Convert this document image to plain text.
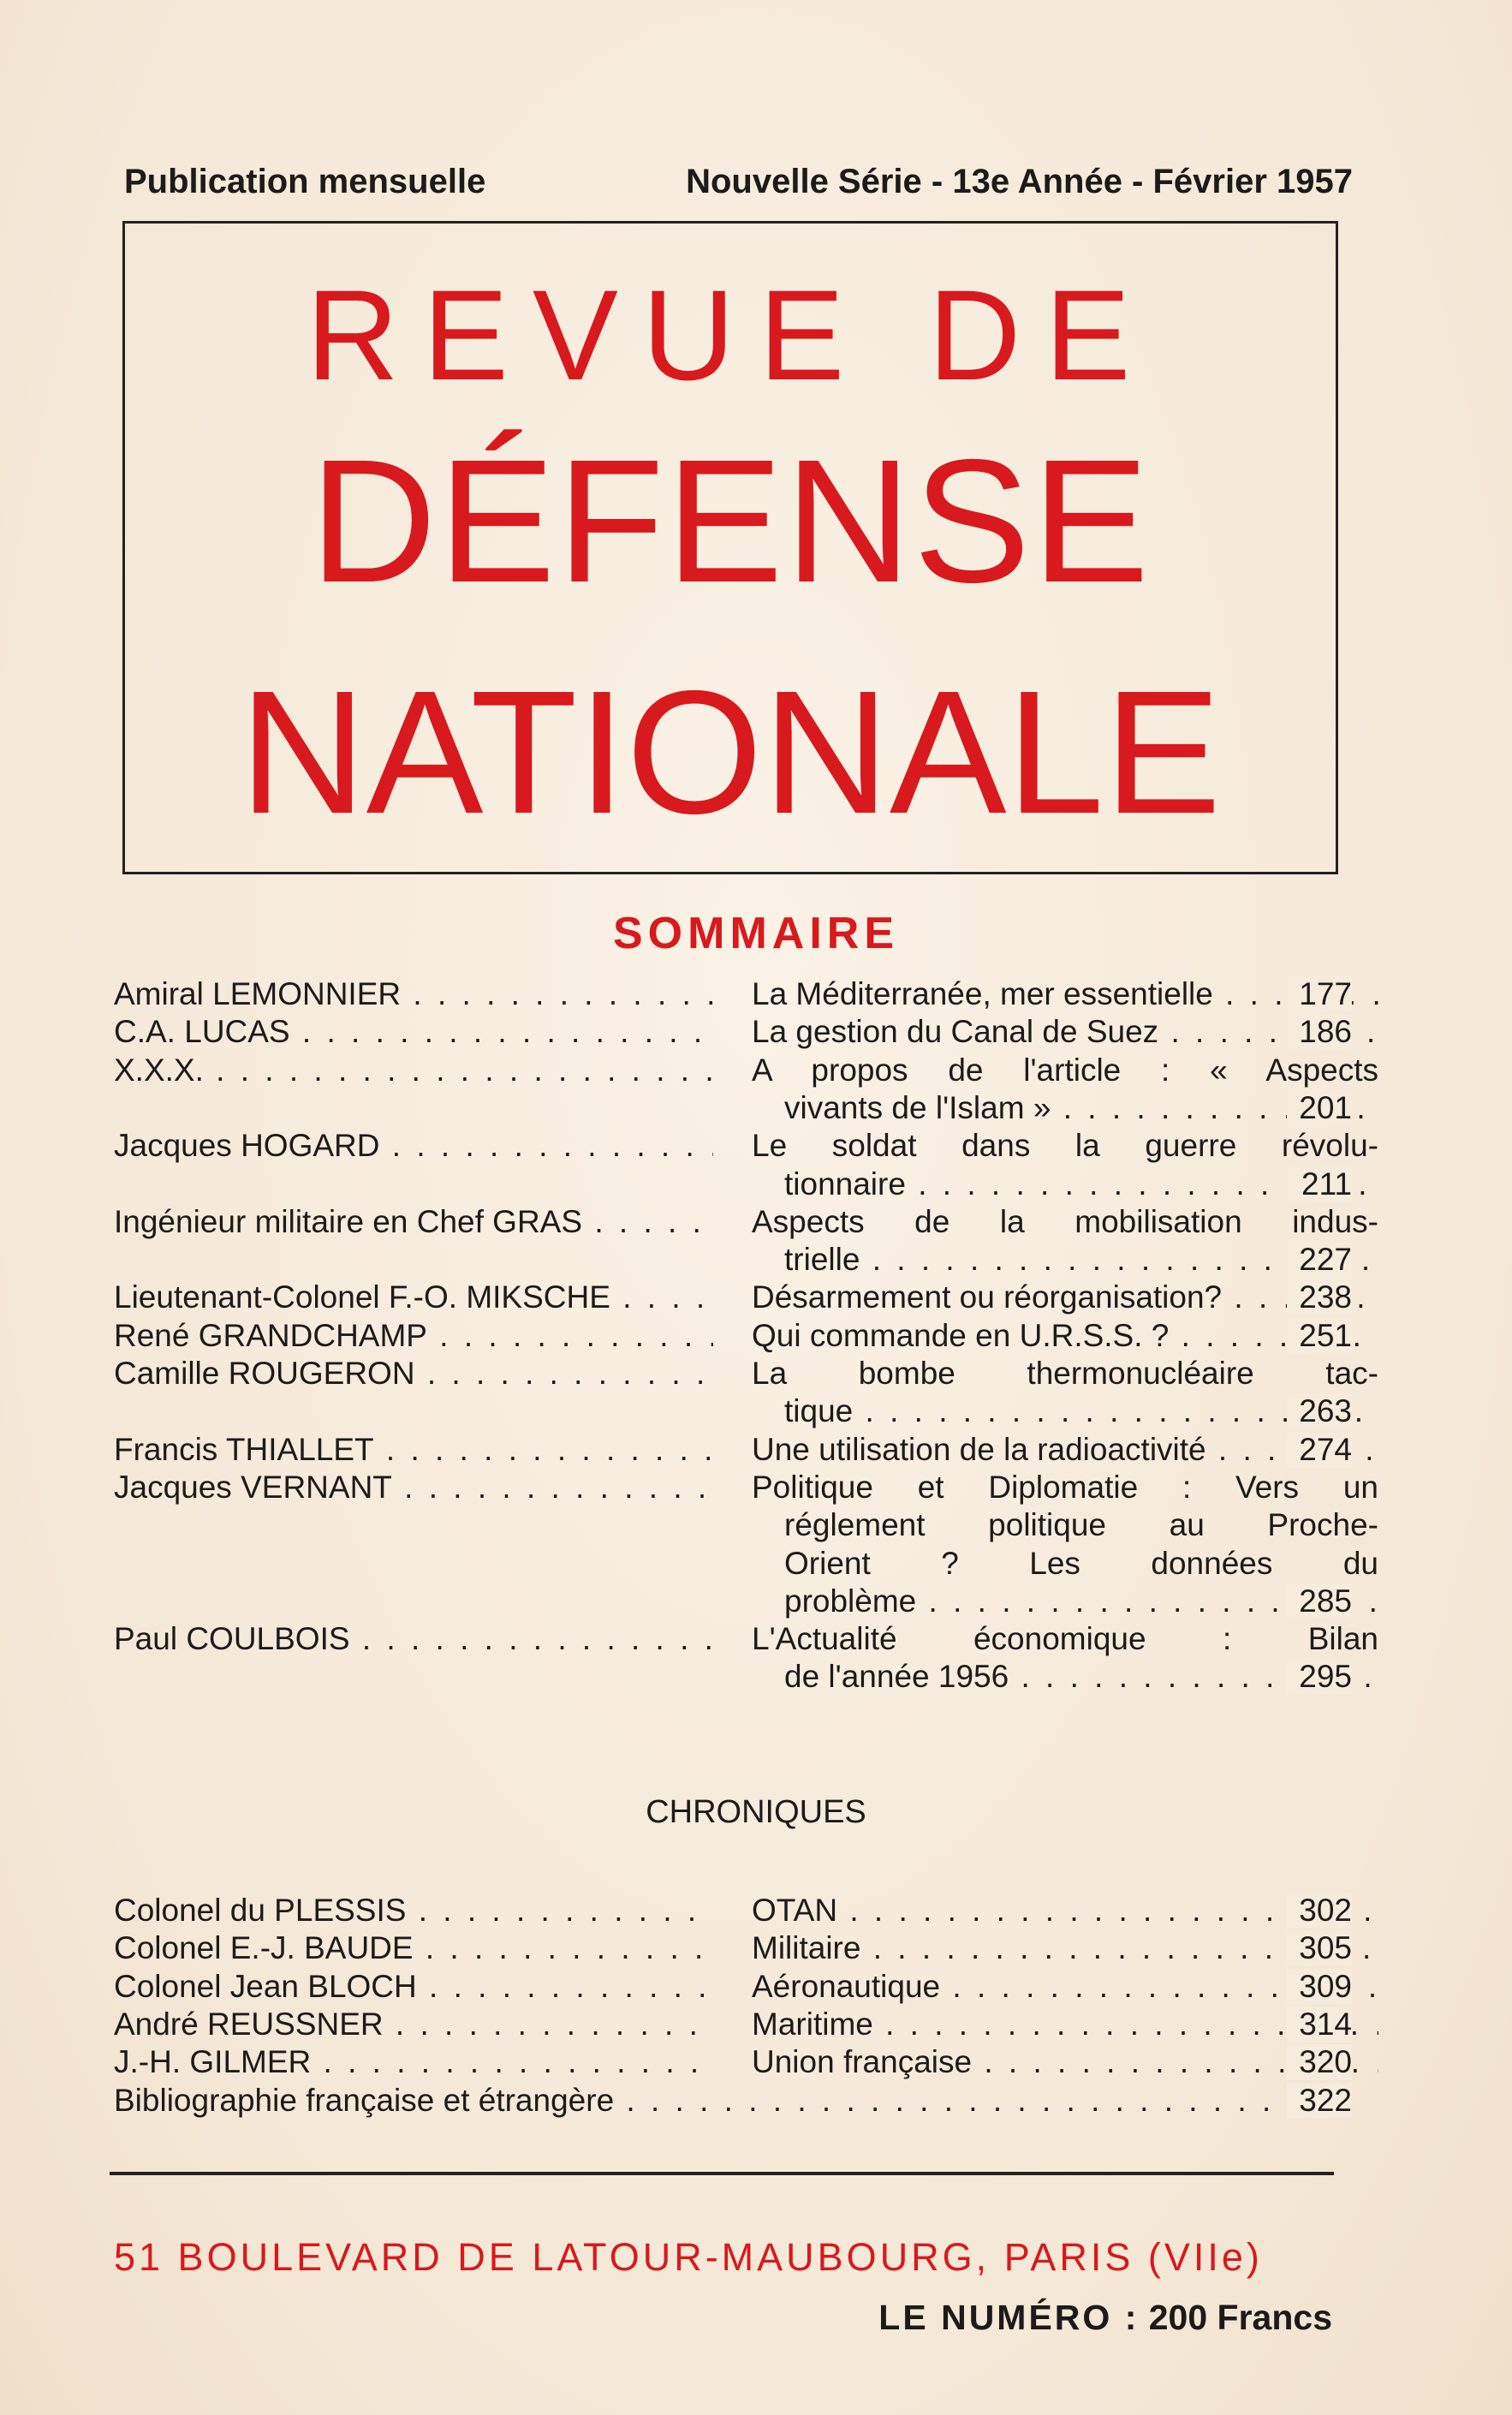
Publication mensuelle	Nouvelle Série - 13e Année - Février 1957
REVUE DE
DÉFENSE
NATIONALE
SOMMAIRE
Amiral LEMONNIER . . .	La Méditerranée, mer essentielle . . .	177
C.A. LUCAS . . .	La gestion du Canal de Suez . . .	186
X.X.X. . . .	A propos de l'article : « Aspects
vivants de l'Islam » . . .	201
Jacques HOGARD . . .	Le soldat dans la guerre révolu-
tionnaire . . .	211
Ingénieur militaire en Chef GRAS . . .	Aspects de la mobilisation indus-
trielle . . .	227
Lieutenant-Colonel F.-O. MIKSCHE . . .	Désarmement ou réorganisation? . . .	238
René GRANDCHAMP . . .	Qui commande en U.R.S.S. ? . . .	251
Camille ROUGERON . . .	La bombe thermonucléaire tac-
tique . . .	263
Francis THIALLET . . .	Une utilisation de la radioactivité . . .	274
Jacques VERNANT . . .	Politique et Diplomatie : Vers un
réglement politique au Proche-
Orient ? Les données du
problème . . .	285
Paul COULBOIS . . .	L'Actualité économique : Bilan
de l'année 1956 . . .	295
CHRONIQUES
Colonel du PLESSIS . . .	OTAN . . .	302
Colonel E.-J. BAUDE . . .	Militaire . . .	305
Colonel Jean BLOCH . . .	Aéronautique . . .	309
André REUSSNER . . .	Maritime . . .	314
J.-H. GILMER . . .	Union française . . .	320
Bibliographie française et étrangère . . .	322
51 BOULEVARD DE LATOUR-MAUBOURG, PARIS (VIIe)
LE NUMÉRO : 200 Francs
